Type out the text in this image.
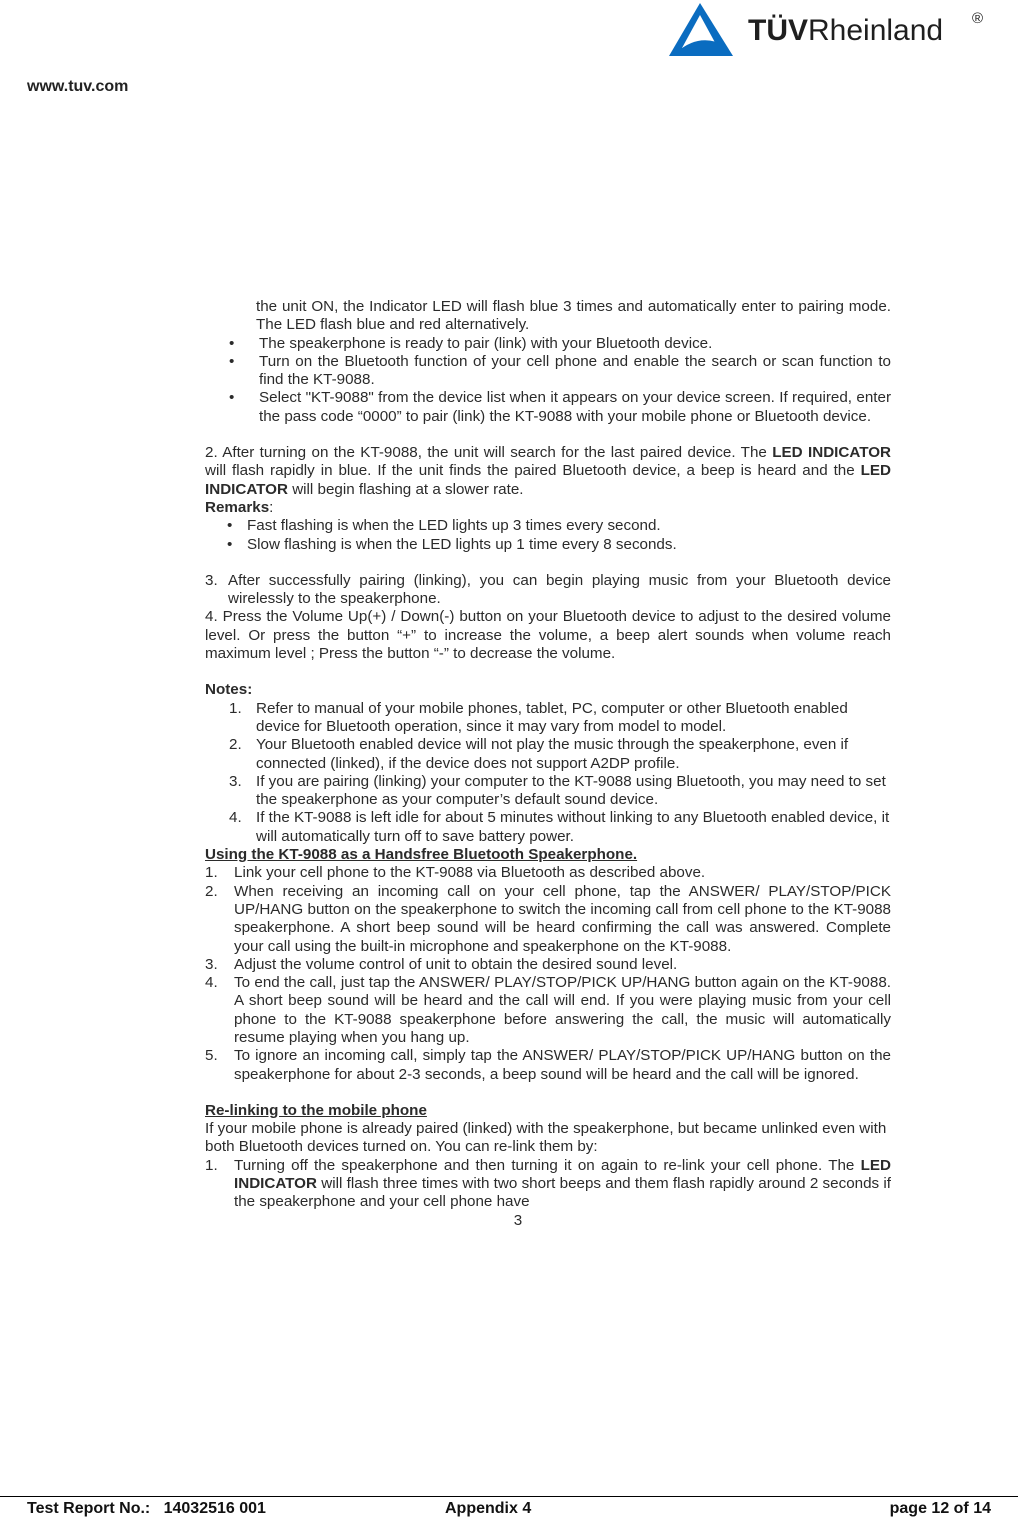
www.tuv.com
TÜVRheinland ®
the unit ON, the Indicator LED will flash blue 3 times and automatically enter to pairing mode. The LED flash blue and red alternatively.
•	The speakerphone is ready to pair (link) with your Bluetooth device.
•	Turn on the Bluetooth function of your cell phone and enable the search or scan function to find the KT-9088.
•	Select "KT-9088" from the device list when it appears on your device screen. If required, enter the pass code “0000” to pair (link) the KT-9088 with your mobile phone or Bluetooth device.

2. After turning on the KT-9088, the unit will search for the last paired device. The LED INDICATOR will flash rapidly in blue. If the unit finds the paired Bluetooth device, a beep is heard and the LED INDICATOR will begin flashing at a slower rate.

Remarks:

• Fast flashing is when the LED lights up 3 times every second.
• Slow flashing is when the LED lights up 1 time every 8 seconds.
3. After successfully pairing (linking), you can begin playing music from your Bluetooth device wirelessly to the speakerphone.

4. Press the Volume Up(+) / Down(-) button on your Bluetooth device to adjust to the desired volume level. Or press the button “+” to increase the volume, a beep alert sounds when volume reach maximum level ; Press the button “-” to decrease the volume.

Notes:

1. Refer to manual of your mobile phones, tablet, PC, computer or other Bluetooth enabled device for Bluetooth operation, since it may vary from model to model.
2. Your Bluetooth enabled device will not play the music through the speakerphone, even if connected (linked), if the device does not support A2DP profile.
3. If you are pairing (linking) your computer to the KT-9088 using Bluetooth, you may need to set the speakerphone as your computer’s default sound device.
4. If the KT-9088 is left idle for about 5 minutes without linking to any Bluetooth enabled device, it will automatically turn off to save battery power.

Using the KT-9088 as a Handsfree Bluetooth Speakerphone.

1.	Link your cell phone to the KT-9088 via Bluetooth as described above.
2.	When receiving an incoming call on your cell phone, tap the ANSWER/ PLAY/STOP/PICK UP/HANG button on the speakerphone to switch the incoming call from cell phone to the KT-9088 speakerphone. A short beep sound will be heard confirming the call was answered. Complete your call using the built-in microphone and speakerphone on the KT-9088.
3.	Adjust the volume control of unit to obtain the desired sound level.
4.	To end the call, just tap the ANSWER/ PLAY/STOP/PICK UP/HANG button again on the KT-9088. A short beep sound will be heard and the call will end. If you were playing music from your cell phone to the KT-9088 speakerphone before answering the call, the music will automatically resume playing when you hang up.
5.	To ignore an incoming call, simply tap the ANSWER/ PLAY/STOP/PICK UP/HANG button on the speakerphone for about 2-3 seconds, a beep sound will be heard and the call will be ignored.

Re-linking to the mobile phone

If your mobile phone is already paired (linked) with the speakerphone, but became unlinked even with both Bluetooth devices turned on. You can re-link them by:

1.	Turning off the speakerphone and then turning it on again to re-link your cell phone. The LED INDICATOR will flash three times with two short beeps and them flash rapidly around 2 seconds if the speakerphone and your cell phone have

3

Test Report No.: 14032516 001	Appendix 4	page 12 of 14
